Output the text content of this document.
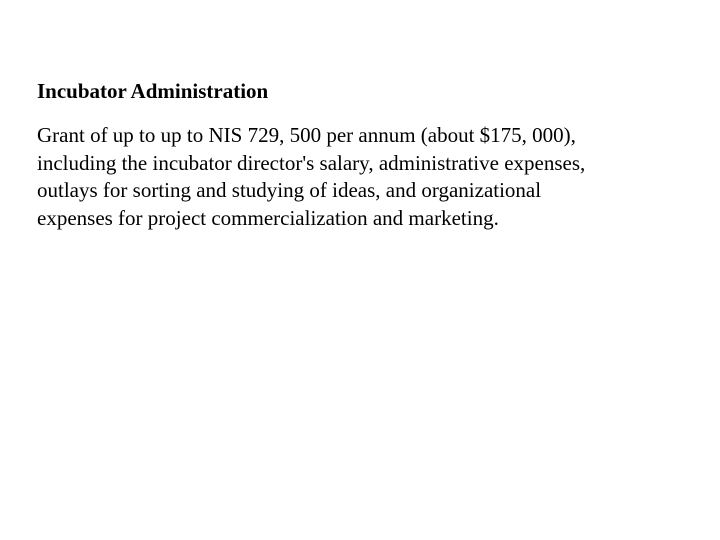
Incubator Administration
Grant of up to up to NIS 729, 500 per annum (about $175, 000),
including the incubator director's salary, administrative expenses,
outlays for sorting and studying of ideas, and organizational
expenses for project commercialization and marketing.
